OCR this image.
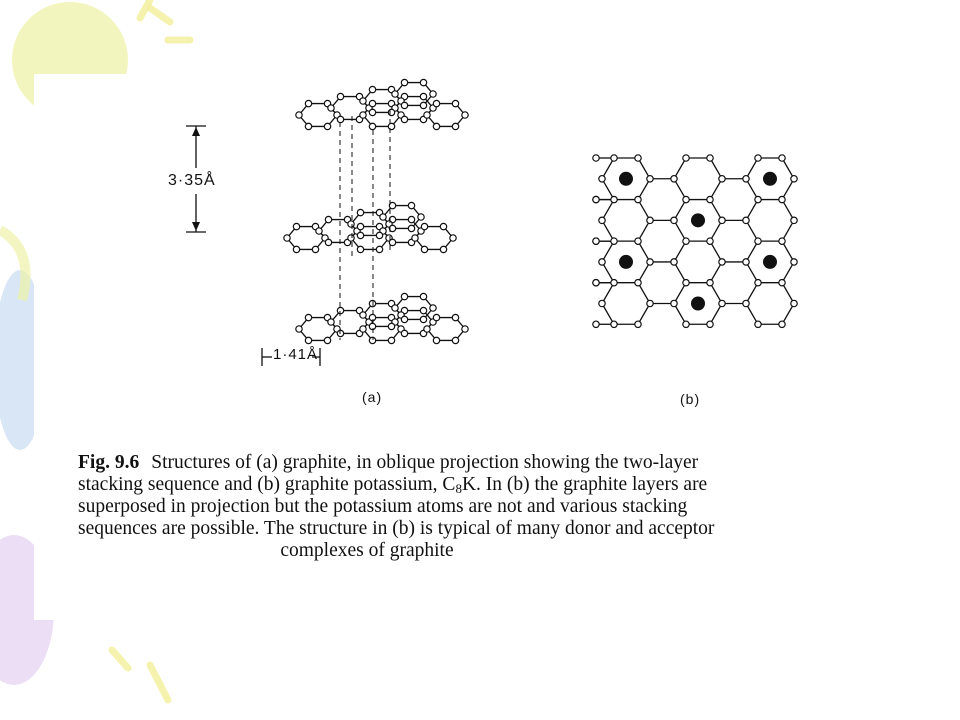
3·35Å
1·41Å
(a)	(b)
Fig. 9.6 Structures of (a) graphite, in oblique projection showing the two-layer
stacking sequence and (b) graphite potassium, $C_8K$. In (b) the graphite layers are
superposed in projection but the potassium atoms are not and various stacking
sequences are possible. The structure in (b) is typical of many donor and acceptor
complexes of graphite
